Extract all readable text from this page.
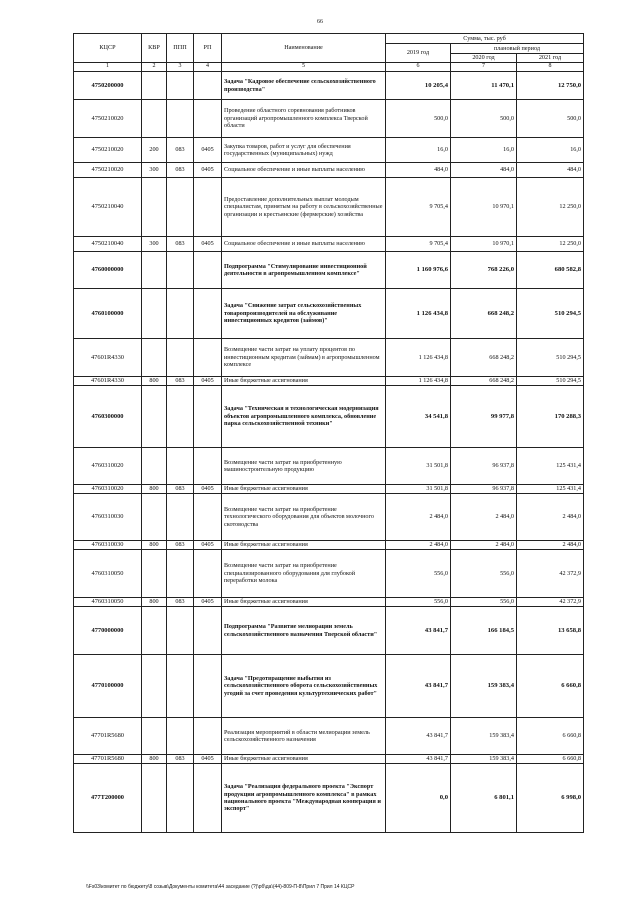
66
КЦСР	КВР	ППП	РП	Наименование	Сумма, тыс. руб		
					2019 год	плановый период	
						2020 год	2021 год
1	2	3	4	5	6	7	8
4750200000				Задача "Кадровое обеспечение сельскохозяйственного производства"	10 205,4	11 470,1	12 750,0
4750210020				Проведение областного соревнования работников организаций агропромышленного комплекса Тверской области	500,0	500,0	500,0
4750210020	200	083	0405	Закупка товаров, работ и услуг для обеспечения государственных (муниципальных) нужд	16,0	16,0	16,0
4750210020	300	083	0405	Социальное обеспечение и иные выплаты населению	484,0	484,0	484,0
4750210040				Предоставление дополнительных выплат молодым специалистам, принятым на работу в сельскохозяйственные организации и крестьянские (фермерские) хозяйства	9 705,4	10 970,1	12 250,0
4750210040	300	083	0405	Социальное обеспечение и иные выплаты населению	9 705,4	10 970,1	12 250,0
4760000000				Подпрограмма "Стимулирование инвестиционной деятельности в агропромышленном комплексе"	1 160 976,6	768 226,0	680 582,8
4760100000				Задача "Снижение затрат сельскохозяйственных товаропроизводителей на обслуживание инвестиционных кредитов (займов)"	1 126 434,8	668 248,2	510 294,5
47601R4330				Возмещение части затрат на уплату процентов по инвестиционным кредитам (займам) в агропромышленном комплексе	1 126 434,8	668 248,2	510 294,5
47601R4330	800	083	0405	Иные бюджетные ассигнования	1 126 434,8	668 248,2	510 294,5
4760300000				Задача "Техническая и технологическая модернизация объектов агропромышленного комплекса, обновление парка сельскохозяйственной техники"	34 541,8	99 977,8	170 288,3
4760310020				Возмещение части затрат на приобретенную машиностроительную продукцию	31 501,8	96 937,8	125 431,4
4760310020	800	083	0405	Иные бюджетные ассигнования	31 501,8	96 937,8	125 431,4
4760310030				Возмещение части затрат на приобретение технологического оборудования для объектов молочного скотоводства	2 484,0	2 484,0	2 484,0
4760310030	800	083	0405	Иные бюджетные ассигнования	2 484,0	2 484,0	2 484,0
4760310050				Возмещение части затрат на приобретение специализированного оборудования для глубокой переработки молока	556,0	556,0	42 372,9
4760310050	800	083	0405	Иные бюджетные ассигнования	556,0	556,0	42 372,9
4770000000				Подпрограмма "Развитие мелиорации земель сельскохозяйственного назначения Тверской области"	43 841,7	166 184,5	13 658,8
4770100000				Задача "Предотвращение выбытия из сельскохозяйственного оборота сельскохозяйственных угодий за счет проведения культуртехнических работ"	43 841,7	159 383,4	6 660,8
47701R5680				Реализация мероприятий в области мелиорации земель сельскохозяйственного назначения	43 841,7	159 383,4	6 660,8
47701R5680	800	083	0405	Иные бюджетные ассигнования	43 841,7	159 383,4	6 660,8
477T200000				Задача "Реализация федерального проекта "Экспорт продукции агропромышленного комплекса" в рамках национального проекта "Международная кооперация и экспорт"	0,0	6 801,1	6 998,0
\\Fs03\комитет по бюджету\8 созыв\Документы комитета\44 заседание (?)\рб\да\(44)-809-П-8\Прил 7 Прил 14 КЦСР
